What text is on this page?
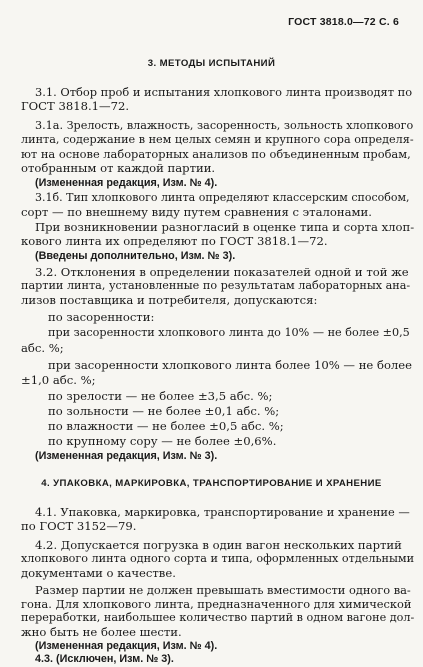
ГОСТ 3818.0—72 С. 6
3. МЕТОДЫ ИСПЫТАНИЙ
3.1. Отбор проб и испытания хлопкового линта производят по
ГОСТ 3818.1—72.
3.1а. Зрелость, влажность, засоренность, зольность хлопкового
линта, содержание в нем целых семян и крупного сора определя-
ют на основе лабораторных анализов по объединенным пробам,
отобранным от каждой партии.
(Измененная редакция, Изм. № 4).
3.1б. Тип хлопкового линта определяют классерским способом,
сорт — по внешнему виду путем сравнения с эталонами.
При возникновении разногласий в оценке типа и сорта хлоп-
кового линта их определяют по ГОСТ 3818.1—72.
(Введены дополнительно, Изм. № 3).
3.2. Отклонения в определении показателей одной и той же
партии линта, установленные по результатам лабораторных ана-
лизов поставщика и потребителя, допускаются:
по засоренности:
при засоренности хлопкового линта до 10% — не более ±0,5
абс. %;
при засоренности хлопкового линта более 10% — не более
±1,0 абс. %;
по зрелости — не более ±3,5 абс. %;
по зольности — не более ±0,1 абс. %;
по влажности — не более ±0,5 абс. %;
по крупному сору — не более ±0,6%.
(Измененная редакция, Изм. № 3).
4. УПАКОВКА, МАРКИРОВКА, ТРАНСПОРТИРОВАНИЕ И ХРАНЕНИЕ
4.1. Упаковка, маркировка, транспортирование и хранение —
по ГОСТ 3152—79.
4.2. Допускается погрузка в один вагон нескольких партий
хлопкового линта одного сорта и типа, оформленных отдельными
документами о качестве.
Размер партии не должен превышать вместимости одного ва-
гона. Для хлопкового линта, предназначенного для химической
переработки, наибольшее количество партий в одном вагоне дол-
жно быть не более шести.
(Измененная редакция, Изм. № 4).
4.3. (Исключен, Изм. № 3).
